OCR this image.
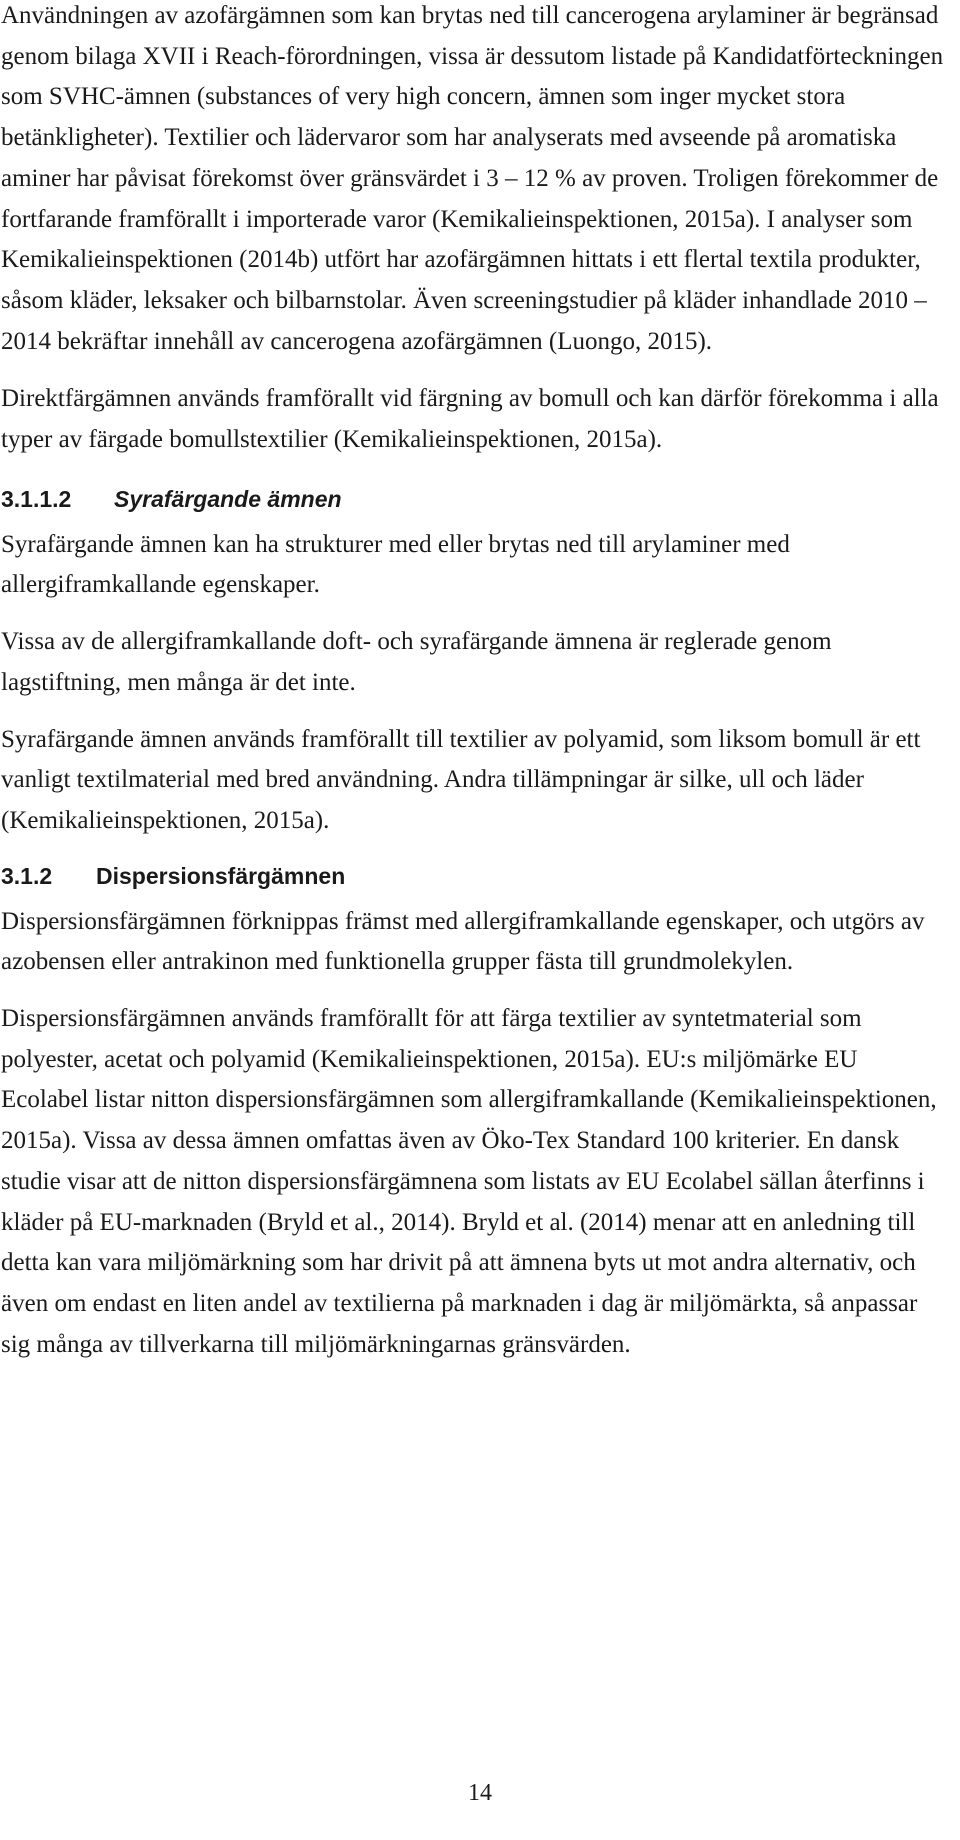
Användningen av azofärgämnen som kan brytas ned till cancerogena arylaminer är begränsad genom bilaga XVII i Reach-förordningen, vissa är dessutom listade på Kandidatförteckningen som SVHC-ämnen (substances of very high concern, ämnen som inger mycket stora betänkligheter). Textilier och lädervaror som har analyserats med avseende på aromatiska aminer har påvisat förekomst över gränsvärdet i 3 – 12 % av proven. Troligen förekommer de fortfarande framförallt i importerade varor (Kemikalieinspektionen, 2015a). I analyser som Kemikalieinspektionen (2014b) utfört har azofärgämnen hittats i ett flertal textila produkter, såsom kläder, leksaker och bilbarnstolar. Även screeningstudier på kläder inhandlade 2010 – 2014 bekräftar innehåll av cancerogena azofärgämnen (Luongo, 2015).

Direktfärgämnen används framförallt vid färgning av bomull och kan därför förekomma i alla typer av färgade bomullstextilier (Kemikalieinspektionen, 2015a).

3.1.1.2 Syrafärgande ämnen

Syrafärgande ämnen kan ha strukturer med eller brytas ned till arylaminer med allergiframkallande egenskaper.

Vissa av de allergiframkallande doft- och syrafärgande ämnena är reglerade genom lagstiftning, men många är det inte.

Syrafärgande ämnen används framförallt till textilier av polyamid, som liksom bomull är ett vanligt textilmaterial med bred användning. Andra tillämpningar är silke, ull och läder (Kemikalieinspektionen, 2015a).

3.1.2 Dispersionsfärgämnen

Dispersionsfärgämnen förknippas främst med allergiframkallande egenskaper, och utgörs av azobensen eller antrakinon med funktionella grupper fästa till grundmolekylen.

Dispersionsfärgämnen används framförallt för att färga textilier av syntetmaterial som polyester, acetat och polyamid (Kemikalieinspektionen, 2015a). EU:s miljömärke EU Ecolabel listar nitton dispersionsfärgämnen som allergiframkallande (Kemikalieinspektionen, 2015a). Vissa av dessa ämnen omfattas även av Öko-Tex Standard 100 kriterier. En dansk studie visar att de nitton dispersionsfärgämnena som listats av EU Ecolabel sällan återfinns i kläder på EU-marknaden (Bryld et al., 2014). Bryld et al. (2014) menar att en anledning till detta kan vara miljömärkning som har drivit på att ämnena byts ut mot andra alternativ, och även om endast en liten andel av textilierna på marknaden i dag är miljömärkta, så anpassar sig många av tillverkarna till miljömärkningarnas gränsvärden.

14
